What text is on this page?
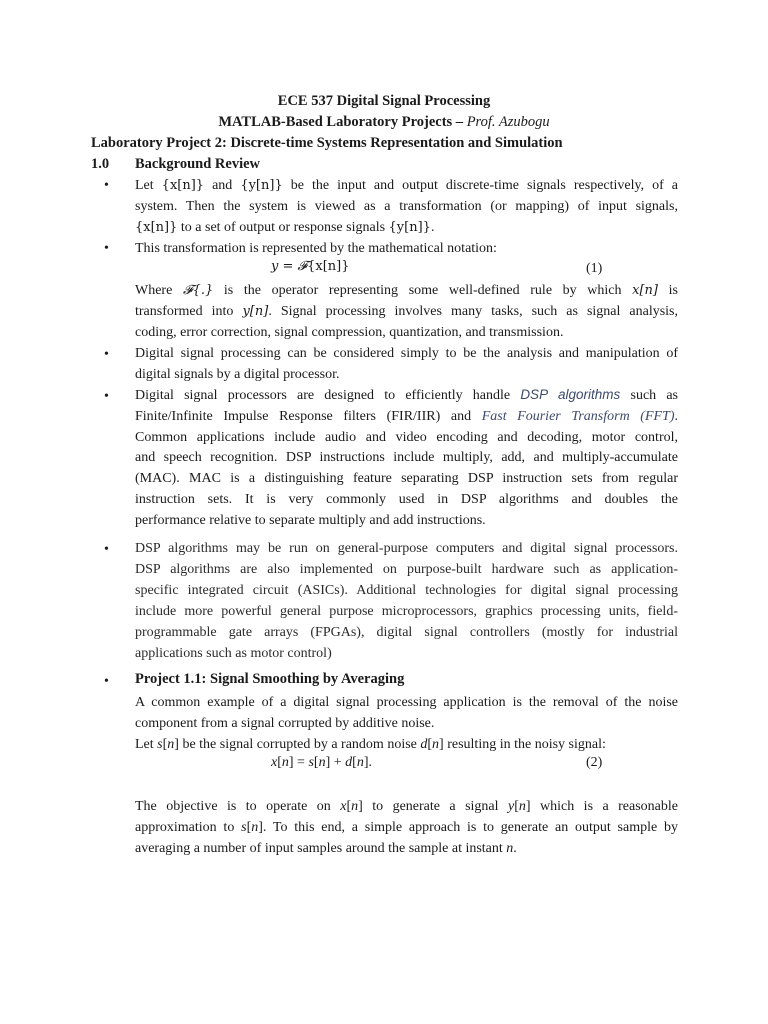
ECE 537 Digital Signal Processing
MATLAB-Based Laboratory Projects – Prof. Azubogu
Laboratory Project 2: Discrete-time Systems Representation and Simulation
1.0 Background Review
• Let {x[n]} and {y[n]} be the input and output discrete-time signals respectively, of a
system. Then the system is viewed as a transformation (or mapping) of input signals,
{x[n]} to a set of output or response signals {y[n]}.
• This transformation is represented by the mathematical notation:
y = 𝓕{x[n]}	(1)
Where 𝓕{.} is the operator representing some well-defined rule by which x[n] is
transformed into y[n]. Signal processing involves many tasks, such as signal analysis,
coding, error correction, signal compression, quantization, and transmission.
• Digital signal processing can be considered simply to be the analysis and manipulation of
digital signals by a digital processor.
• Digital signal processors are designed to efficiently handle DSP algorithms such as
Finite/Infinite Impulse Response filters (FIR/IIR) and Fast Fourier Transform (FFT).
Common applications include audio and video encoding and decoding, motor control,
and speech recognition. DSP instructions include multiply, add, and multiply-accumulate
(MAC). MAC is a distinguishing feature separating DSP instruction sets from regular
instruction sets. It is very commonly used in DSP algorithms and doubles the
performance relative to separate multiply and add instructions.
• DSP algorithms may be run on general-purpose computers and digital signal processors.
DSP algorithms are also implemented on purpose-built hardware such as application-
specific integrated circuit (ASICs). Additional technologies for digital signal processing
include more powerful general purpose microprocessors, graphics processing units, field-
programmable gate arrays (FPGAs), digital signal controllers (mostly for industrial
applications such as motor control)
• Project 1.1: Signal Smoothing by Averaging
A common example of a digital signal processing application is the removal of the noise
component from a signal corrupted by additive noise.
Let s[n] be the signal corrupted by a random noise d[n] resulting in the noisy signal:
x[n] = s[n] + d[n].	(2)
The objective is to operate on x[n] to generate a signal y[n] which is a reasonable
approximation to s[n]. To this end, a simple approach is to generate an output sample by
averaging a number of input samples around the sample at instant n.
